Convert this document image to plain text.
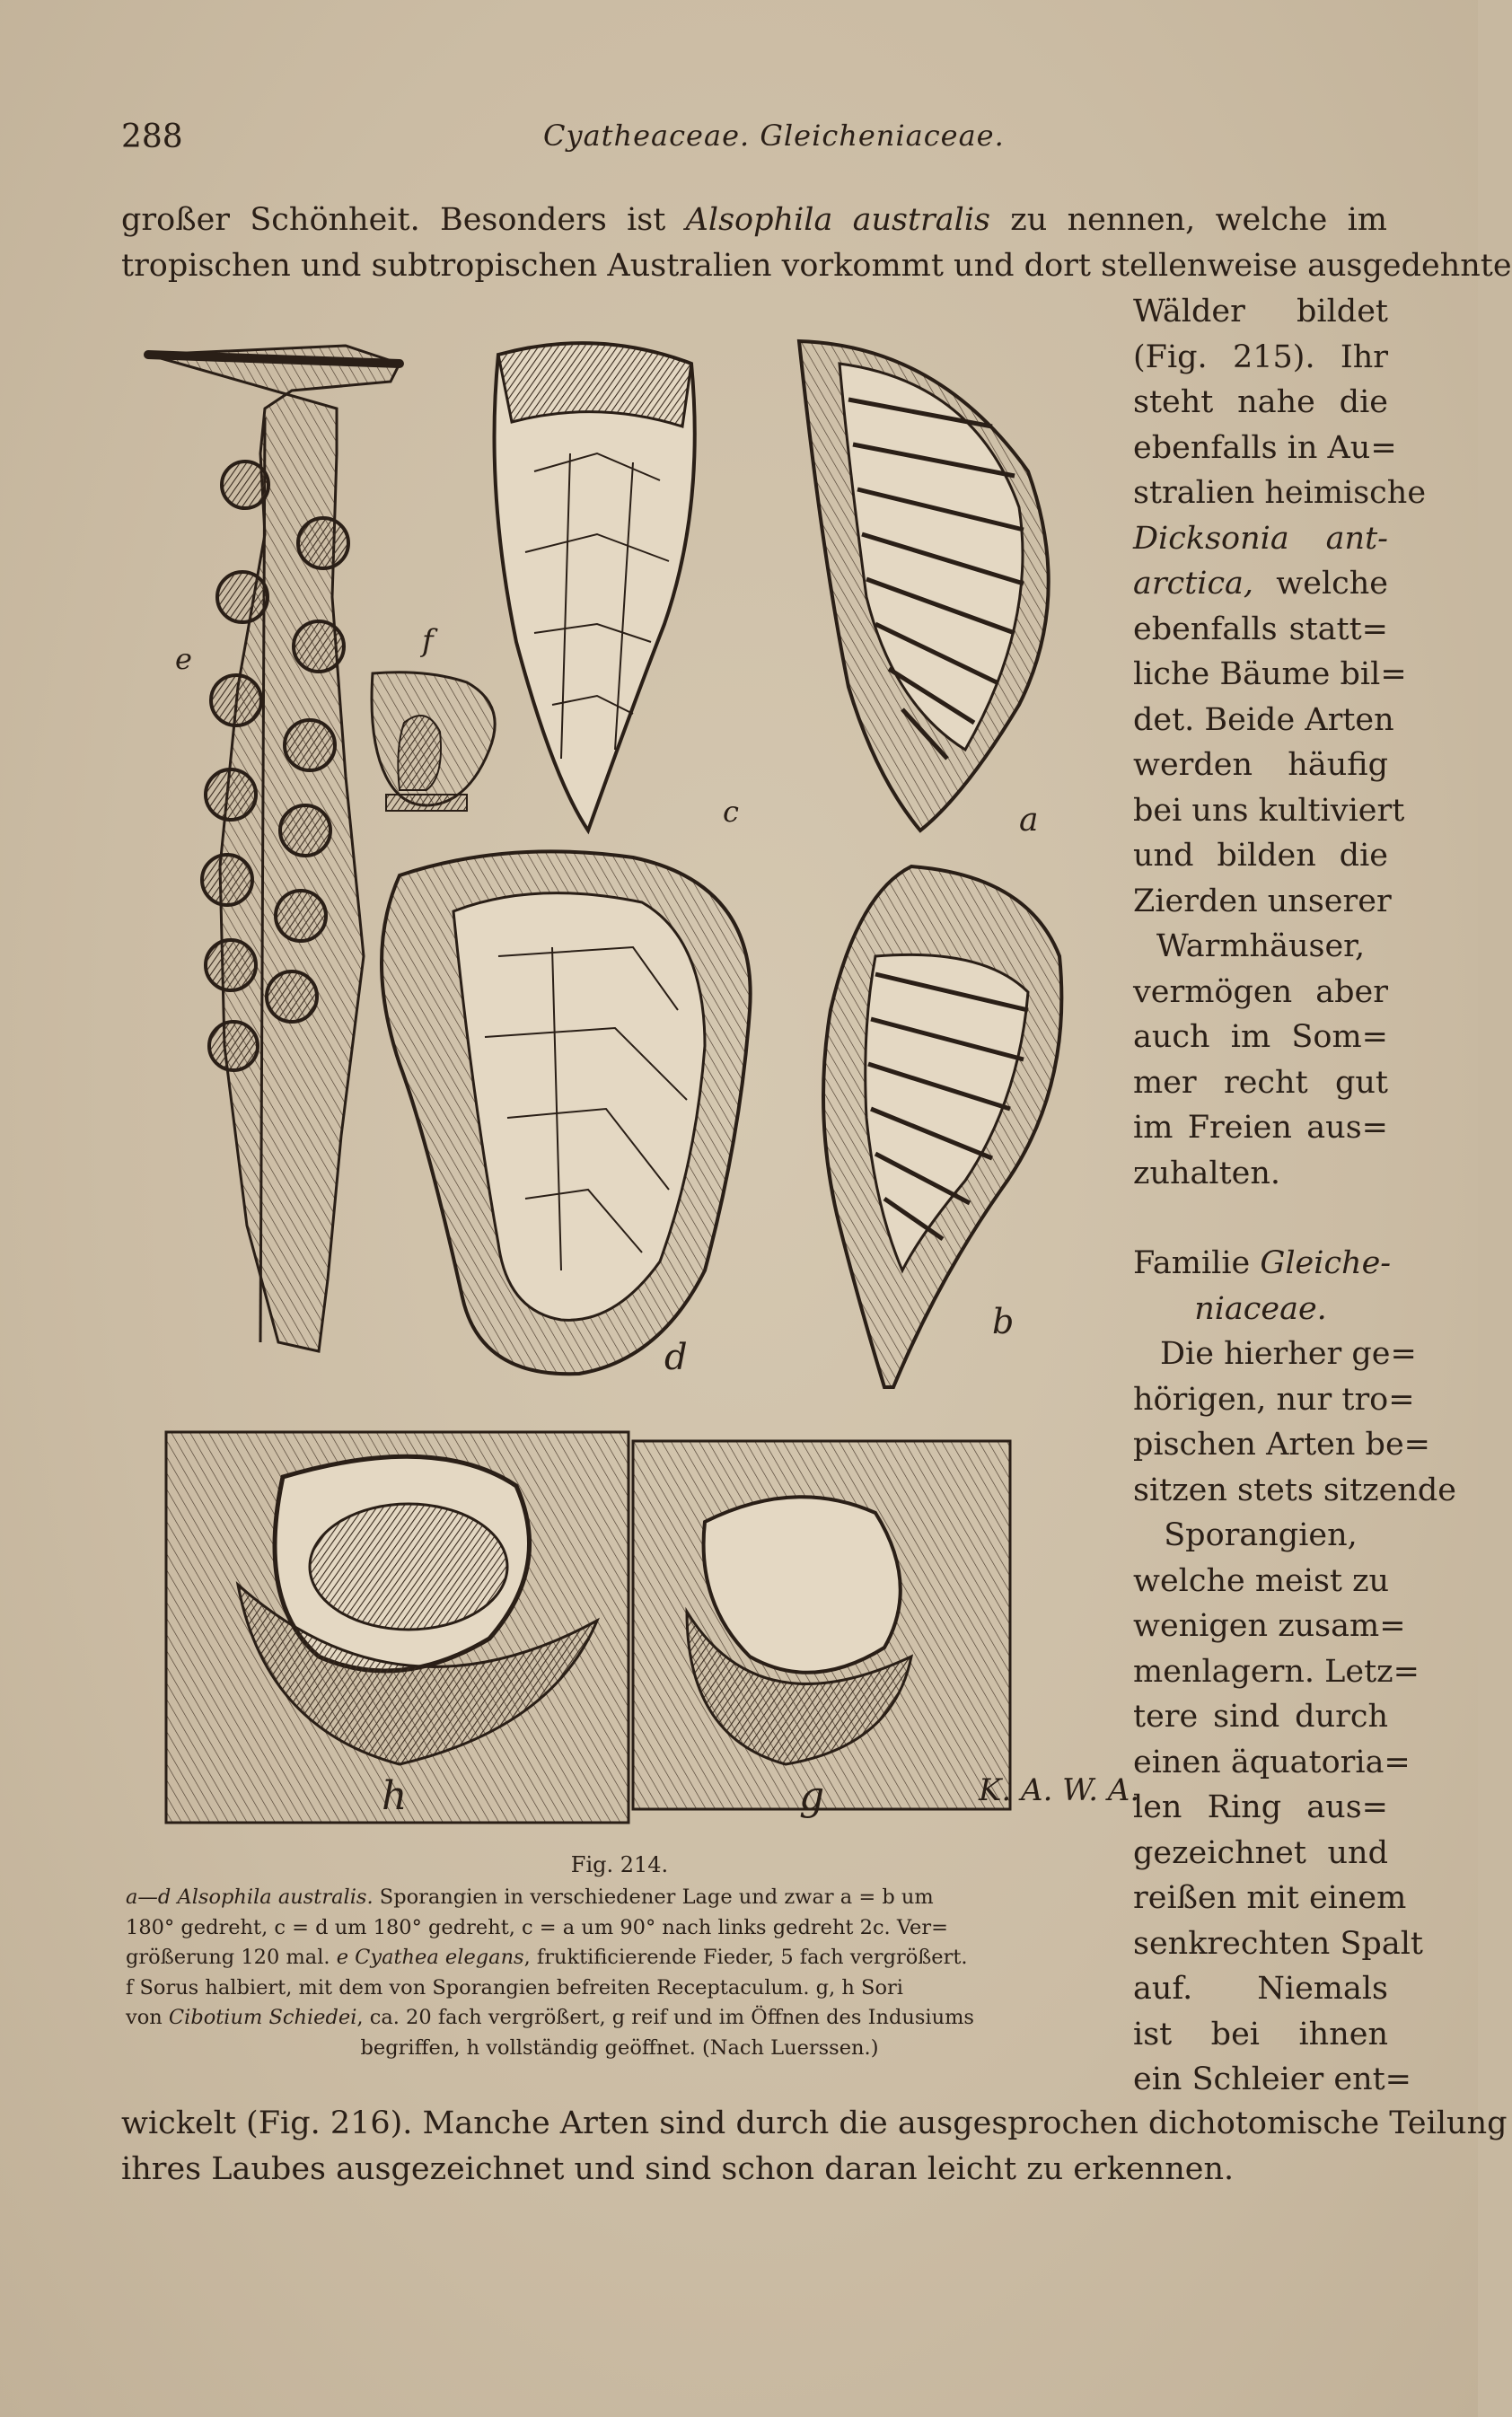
288	Cyatheaceae. Gleicheniaceae.
großer Schönheit. Besonders ist Alsophila australis zu nennen, welche im
tropischen und subtropischen Australien vorkommt und dort stellenweise ausgedehnte
Wälder bildet
(Fig. 215). Ihr
steht nahe die
ebenfalls in Au=
stralien heimische
Dicksonia ant-
arctica, welche
ebenfalls statt=
liche Bäume bil=
det. Beide Arten
werden häufig
bei uns kultiviert
und bilden die
Zierden unserer
Warmhäuser,
vermögen aber
auch im Som=
mer recht gut
im Freien aus=
zuhalten.
Familie Gleiche-
niaceae.
Die hierher ge=
hörigen, nur tro=
pischen Arten be=
sitzen stets sitzende
Sporangien,
welche meist zu
wenigen zusam=
menlagern. Letz=
tere sind durch
einen äquatoria=
len Ring aus=
gezeichnet und
reißen mit einem
senkrechten Spalt
auf. Niemals
ist bei ihnen
ein Schleier ent=
e	f
c	a
d
b
h	g	K. A. W. A.
Fig. 214.
a—d Alsophila australis. Sporangien in verschiedener Lage und zwar a = b um
180° gedreht, c = d um 180° gedreht, c = a um 90° nach links gedreht 2c. Ver=
größerung 120 mal. e Cyathea elegans, fruktificierende Fieder, 5 fach vergrößert.
f Sorus halbiert, mit dem von Sporangien befreiten Receptaculum. g, h Sori
von Cibotium Schiedei, ca. 20 fach vergrößert, g reif und im Öffnen des Indusiums
begriffen, h vollständig geöffnet. (Nach Luerssen.)
wickelt (Fig. 216). Manche Arten sind durch die ausgesprochen dichotomische Teilung
ihres Laubes ausgezeichnet und sind schon daran leicht zu erkennen.
